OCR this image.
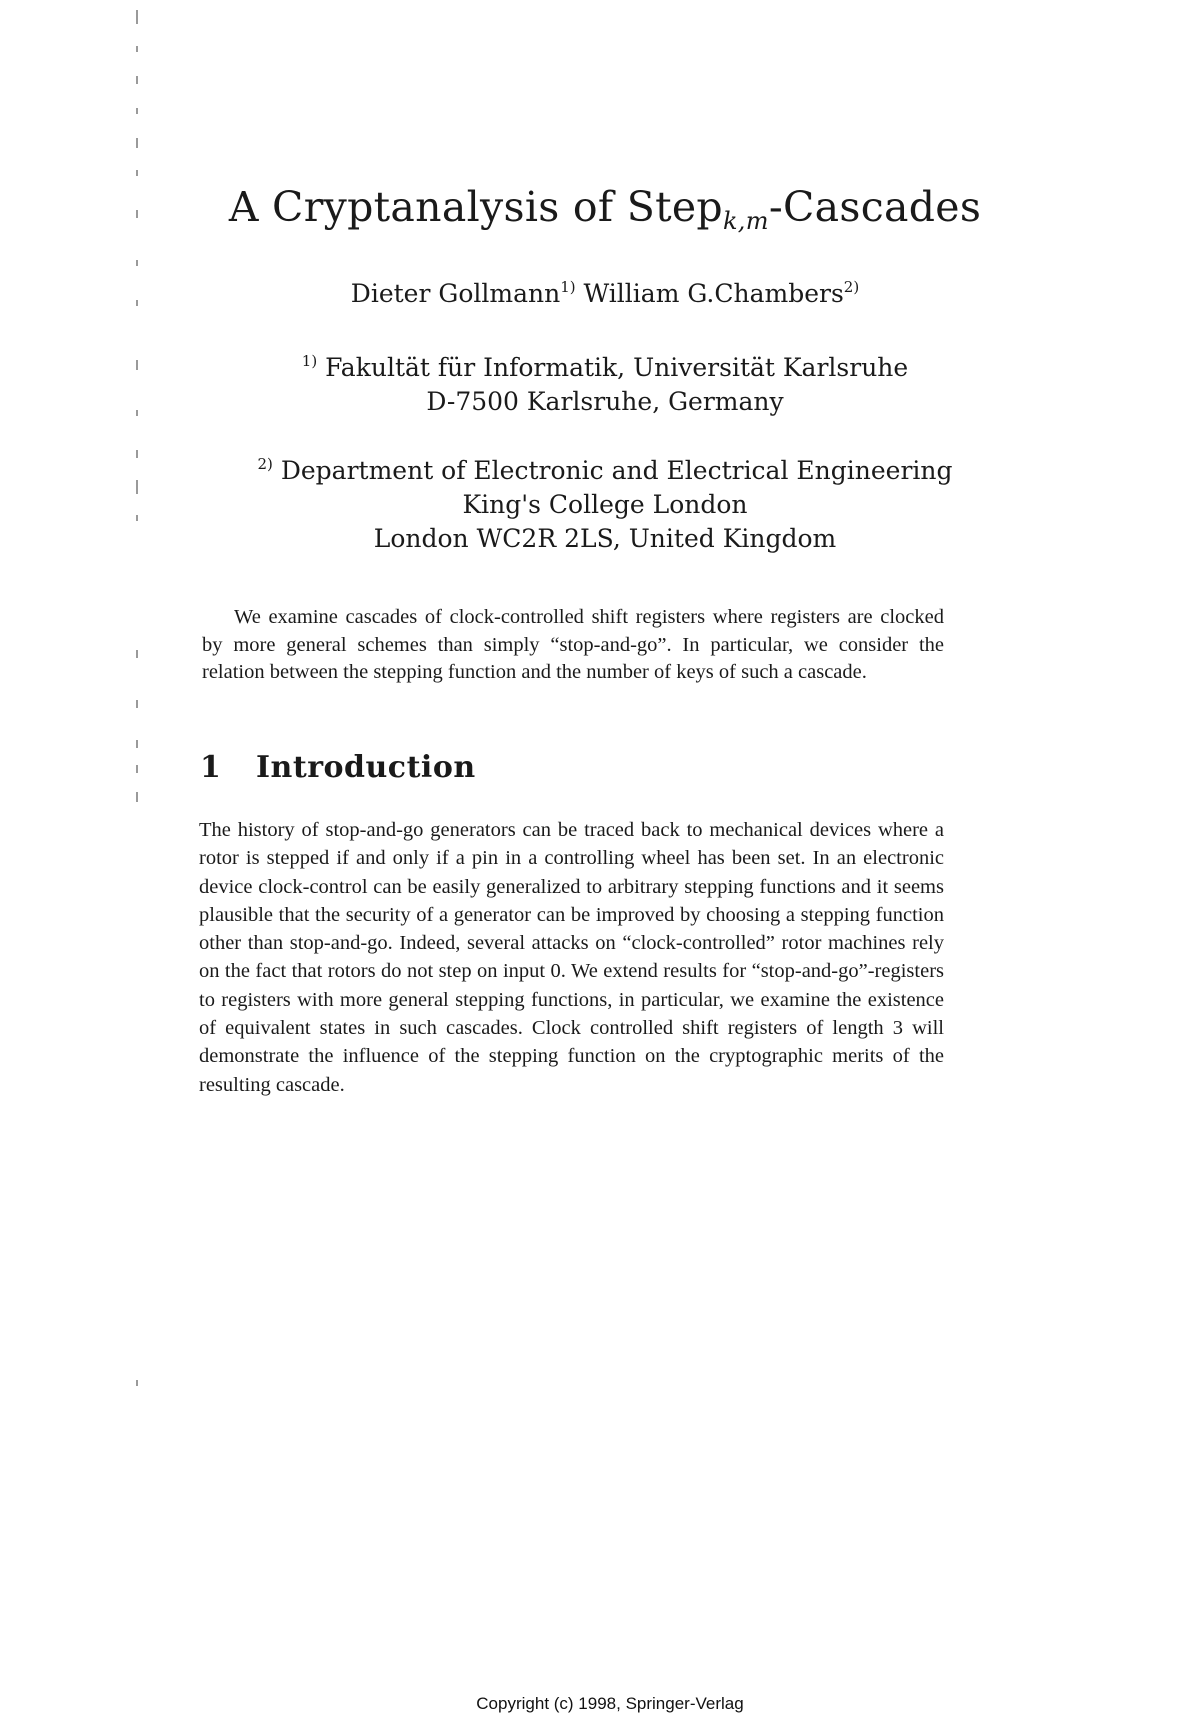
A Cryptanalysis of Step$_{k,m}$-Cascades
Dieter Gollmann$^{1)}$ William G.Chambers$^{2)}$
$^{1)}$ Fakultät für Informatik, Universität Karlsruhe
D-7500 Karlsruhe, Germany
$^{2)}$ Department of Electronic and Electrical Engineering
King's College London
London WC2R 2LS, United Kingdom

We examine cascades of clock-controlled shift registers where registers are clocked by more general schemes than simply “stop-and-go”. In particular, we consider the relation between the stepping function and the number of keys of such a cascade.

1 Introduction

The history of stop-and-go generators can be traced back to mechanical devices where a rotor is stepped if and only if a pin in a controlling wheel has been set. In an electronic device clock-control can be easily generalized to arbitrary stepping functions and it seems plausible that the security of a generator can be improved by choosing a stepping function other than stop-and-go. Indeed, several attacks on “clock-controlled” rotor machines rely on the fact that rotors do not step on input 0. We extend results for “stop-and-go”-registers to registers with more general stepping functions, in particular, we examine the existence of equivalent states in such cascades. Clock controlled shift registers of length 3 will demonstrate the influence of the stepping function on the cryptographic merits of the resulting cascade.

Copyright (c) 1998, Springer-Verlag
